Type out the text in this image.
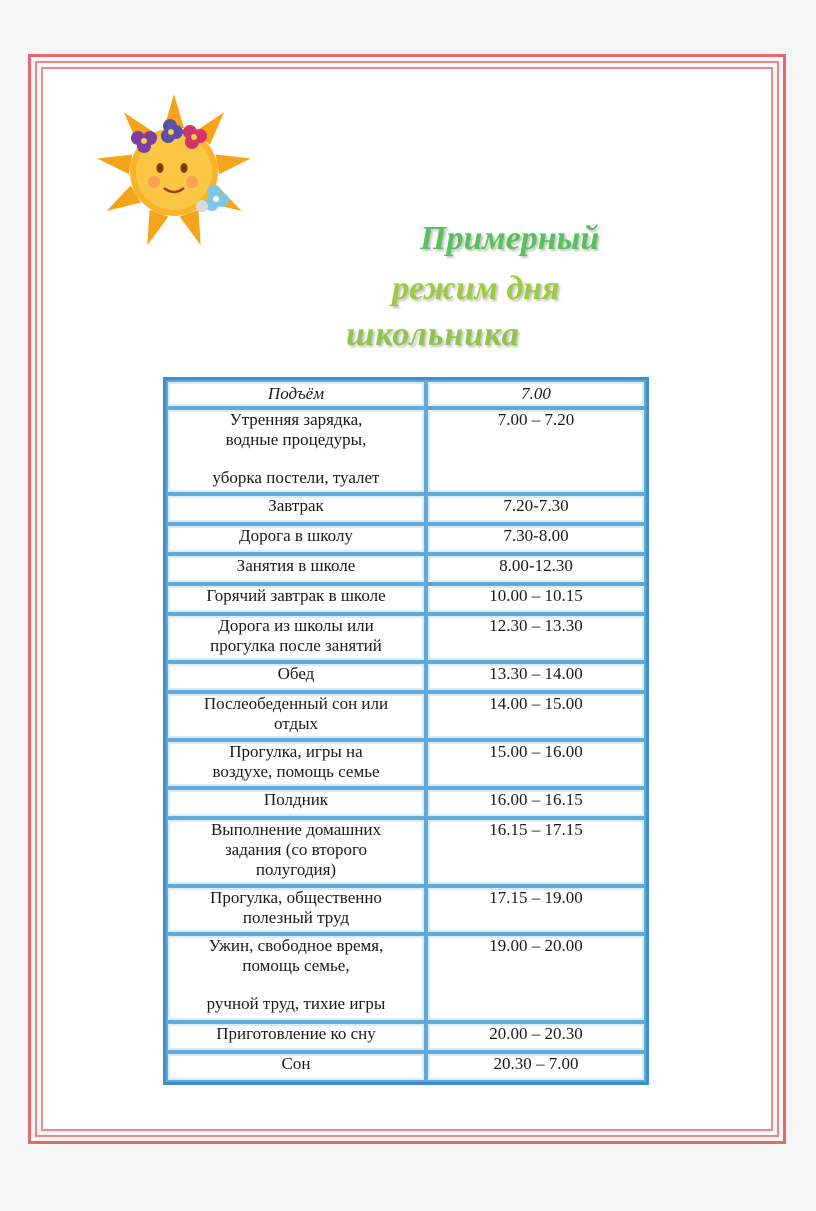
Примерный

режим дня

школьника

Подъём	7.00

Утренняя зарядка,
водные процедуры,
уборка постели, туалет	7.00 – 7.20
Завтрак	7.20-7.30
Дорога в школу	7.30-8.00
Занятия в школе	8.00-12.30
Горячий завтрак в школе	10.00 – 10.15

Дорога из школы или
прогулка после занятий	12.30 – 13.30
Обед	13.30 – 14.00

Послеобеденный сон или
отдых	14.00 – 15.00

Прогулка, игры на
воздухе, помощь семье	15.00 – 16.00
Полдник	16.00 – 16.15

Выполнение домашних
задания (со второго
полугодия)	16.15 – 17.15

Прогулка, общественно
полезный труд	17.15 – 19.00

Ужин, свободное время,
помощь семье,
ручной труд, тихие игры	19.00 – 20.00
Приготовление ко сну	20.00 – 20.30
Сон	20.30 – 7.00
